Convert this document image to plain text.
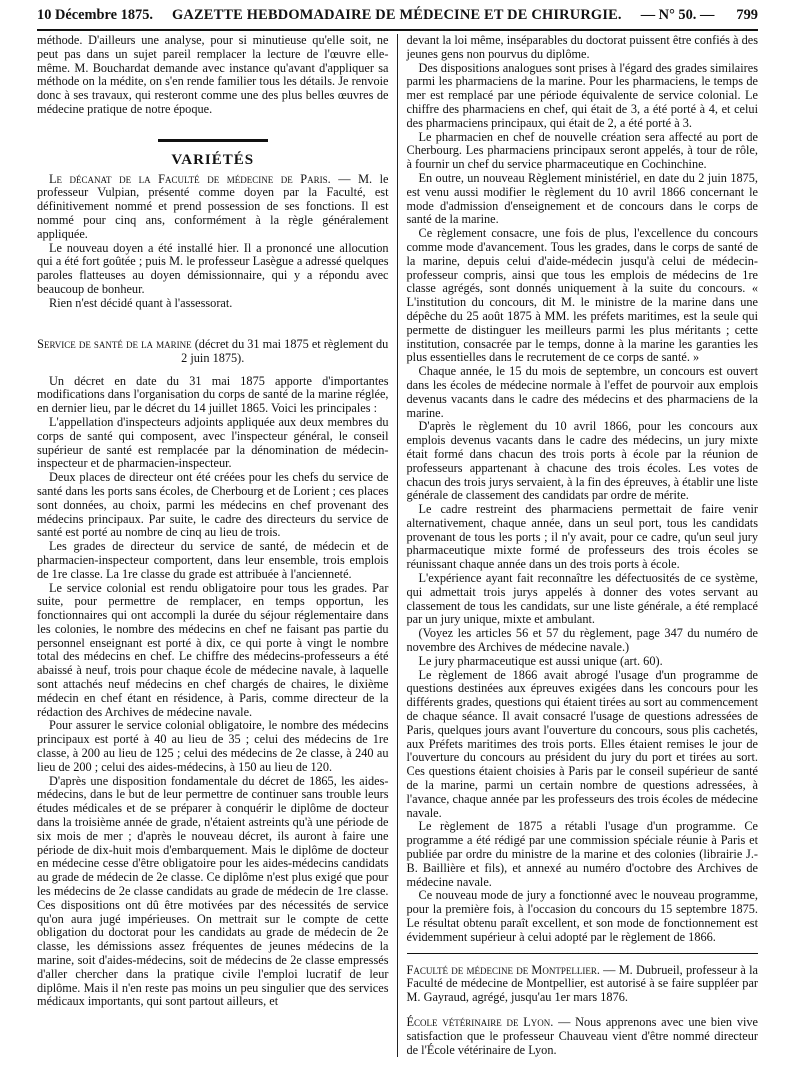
10 Décembre 1875. GAZETTE HEBDOMADAIRE DE MÉDECINE ET DE CHIRURGIE. — N° 50. — 799

méthode. D'ailleurs une analyse, pour si minutieuse qu'elle soit, ne peut pas dans un sujet pareil remplacer la lecture de l'œuvre elle-même. M. Bouchardat demande avec instance qu'avant d'appliquer sa méthode on la médite, on s'en rende familier tous les détails. Je renvoie donc à ses travaux, qui resteront comme une des plus belles œuvres de médecine pratique de notre époque.

VARIÉTÉS

Le décanat de la Faculté de médecine de Paris. — M. le professeur Vulpian, présenté comme doyen par la Faculté, est définitivement nommé et prend possession de ses fonctions. Il est nommé pour cinq ans, conformément à la règle généralement appliquée.

Le nouveau doyen a été installé hier. Il a prononcé une allocution qui a été fort goûtée ; puis M. le professeur Lasègue a adressé quelques paroles flatteuses au doyen démissionnaire, qui y a répondu avec beaucoup de bonheur.

Rien n'est décidé quant à l'assessorat.

Service de santé de la marine (décret du 31 mai 1875 et règlement du 2 juin 1875).

Un décret en date du 31 mai 1875 apporte d'importantes modifications dans l'organisation du corps de santé de la marine réglée, en dernier lieu, par le décret du 14 juillet 1865. Voici les principales :

L'appellation d'inspecteurs adjoints appliquée aux deux membres du corps de santé qui composent, avec l'inspecteur général, le conseil supérieur de santé est remplacée par la dénomination de médecin-inspecteur et de pharmacien-inspecteur.

Deux places de directeur ont été créées pour les chefs du service de santé dans les ports sans écoles, de Cherbourg et de Lorient ; ces places sont données, au choix, parmi les médecins en chef provenant des médecins principaux. Par suite, le cadre des directeurs du service de santé est porté au nombre de cinq au lieu de trois.

Les grades de directeur du service de santé, de médecin et de pharmacien-inspecteur comportent, dans leur ensemble, trois emplois de 1re classe. La 1re classe du grade est attribuée à l'ancienneté.

Le service colonial est rendu obligatoire pour tous les grades. Par suite, pour permettre de remplacer, en temps opportun, les fonctionnaires qui ont accompli la durée du séjour réglementaire dans les colonies, le nombre des médecins en chef ne faisant pas partie du personnel enseignant est porté à dix, ce qui porte à vingt le nombre total des médecins en chef. Le chiffre des médecins-professeurs a été abaissé à neuf, trois pour chaque école de médecine navale, à laquelle sont attachés neuf médecins en chef chargés de chaires, le dixième médecin en chef étant en résidence, à Paris, comme directeur de la rédaction des Archives de médecine navale.

Pour assurer le service colonial obligatoire, le nombre des médecins principaux est porté à 40 au lieu de 35 ; celui des médecins de 1re classe, à 200 au lieu de 125 ; celui des médecins de 2e classe, à 240 au lieu de 200 ; celui des aides-médecins, à 150 au lieu de 120.

D'après une disposition fondamentale du décret de 1865, les aides-médecins, dans le but de leur permettre de continuer sans trouble leurs études médicales et de se préparer à conquérir le diplôme de docteur dans la troisième année de grade, n'étaient astreints qu'à une période de six mois de mer ; d'après le nouveau décret, ils auront à faire une période de dix-huit mois d'embarquement. Mais le diplôme de docteur en médecine cesse d'être obligatoire pour les aides-médecins candidats au grade de médecin de 2e classe. Ce diplôme n'est plus exigé que pour les médecins de 2e classe candidats au grade de médecin de 1re classe. Ces dispositions ont dû être motivées par des nécessités de service qu'on aura jugé impérieuses. On mettrait sur le compte de cette obligation du doctorat pour les candidats au grade de médecin de 2e classe, les démissions assez fréquentes de jeunes médecins de la marine, soit d'aides-médecins, soit de médecins de 2e classe empressés d'aller chercher dans la pratique civile l'emploi lucratif de leur diplôme. Mais il n'en reste pas moins un peu singulier que des services médicaux importants, qui sont partout ailleurs, et

devant la loi même, inséparables du doctorat puissent être confiés à des jeunes gens non pourvus du diplôme.

Des dispositions analogues sont prises à l'égard des grades similaires parmi les pharmaciens de la marine. Pour les pharmaciens, le temps de mer est remplacé par une période équivalente de service colonial. Le chiffre des pharmaciens en chef, qui était de 3, a été porté à 4, et celui des pharmaciens principaux, qui était de 2, a été porté à 3.

Le pharmacien en chef de nouvelle création sera affecté au port de Cherbourg. Les pharmaciens principaux seront appelés, à tour de rôle, à fournir un chef du service pharmaceutique en Cochinchine.

En outre, un nouveau Règlement ministériel, en date du 2 juin 1875, est venu aussi modifier le règlement du 10 avril 1866 concernant le mode d'admission d'enseignement et de concours dans le corps de santé de la marine.

Ce règlement consacre, une fois de plus, l'excellence du concours comme mode d'avancement. Tous les grades, dans le corps de santé de la marine, depuis celui d'aide-médecin jusqu'à celui de médecin-professeur compris, ainsi que tous les emplois de médecins de 1re classe agrégés, sont donnés uniquement à la suite du concours. « L'institution du concours, dit M. le ministre de la marine dans une dépêche du 25 août 1875 à MM. les préfets maritimes, est la seule qui permette de distinguer les meilleurs parmi les plus méritants ; cette institution, consacrée par le temps, donne à la marine les garanties les plus essentielles dans le recrutement de ce corps de santé. »

Chaque année, le 15 du mois de septembre, un concours est ouvert dans les écoles de médecine normale à l'effet de pourvoir aux emplois devenus vacants dans le cadre des médecins et des pharmaciens de la marine.

D'après le règlement du 10 avril 1866, pour les concours aux emplois devenus vacants dans le cadre des médecins, un jury mixte était formé dans chacun des trois ports à école par la réunion de professeurs appartenant à chacune des trois écoles. Les votes de chacun des trois jurys servaient, à la fin des épreuves, à établir une liste générale de classement des candidats par ordre de mérite.

Le cadre restreint des pharmaciens permettait de faire venir alternativement, chaque année, dans un seul port, tous les candidats provenant de tous les ports ; il n'y avait, pour ce cadre, qu'un seul jury pharmaceutique mixte formé de professeurs des trois écoles se réunissant chaque année dans un des trois ports à école.

L'expérience ayant fait reconnaître les défectuosités de ce système, qui admettait trois jurys appelés à donner des votes servant au classement de tous les candidats, sur une liste générale, a été remplacé par un jury unique, mixte et ambulant.

(Voyez les articles 56 et 57 du règlement, page 347 du numéro de novembre des Archives de médecine navale.)

Le jury pharmaceutique est aussi unique (art. 60).

Le règlement de 1866 avait abrogé l'usage d'un programme de questions destinées aux épreuves exigées dans les concours pour les différents grades, questions qui étaient tirées au sort au commencement de chaque séance. Il avait consacré l'usage de questions adressées de Paris, quelques jours avant l'ouverture du concours, sous plis cachetés, aux Préfets maritimes des trois ports. Elles étaient remises le jour de l'ouverture du concours au président du jury du port et tirées au sort. Ces questions étaient choisies à Paris par le conseil supérieur de santé de la marine, parmi un certain nombre de questions adressées, à l'avance, chaque année par les professeurs des trois écoles de médecine navale.

Le règlement de 1875 a rétabli l'usage d'un programme. Ce programme a été rédigé par une commission spéciale réunie à Paris et publiée par ordre du ministre de la marine et des colonies (librairie J.-B. Baillière et fils), et annexé au numéro d'octobre des Archives de médecine navale.

Ce nouveau mode de jury a fonctionné avec le nouveau programme, pour la première fois, à l'occasion du concours du 15 septembre 1875. Le résultat obtenu paraît excellent, et son mode de fonctionnement est évidemment supérieur à celui adopté par le règlement de 1866.

Faculté de médecine de Montpellier. — M. Dubrueil, professeur à la Faculté de médecine de Montpellier, est autorisé à se faire suppléer par M. Gayraud, agrégé, jusqu'au 1er mars 1876.

École vétérinaire de Lyon. — Nous apprenons avec une bien vive satisfaction que le professeur Chauveau vient d'être nommé directeur de l'École vétérinaire de Lyon.
